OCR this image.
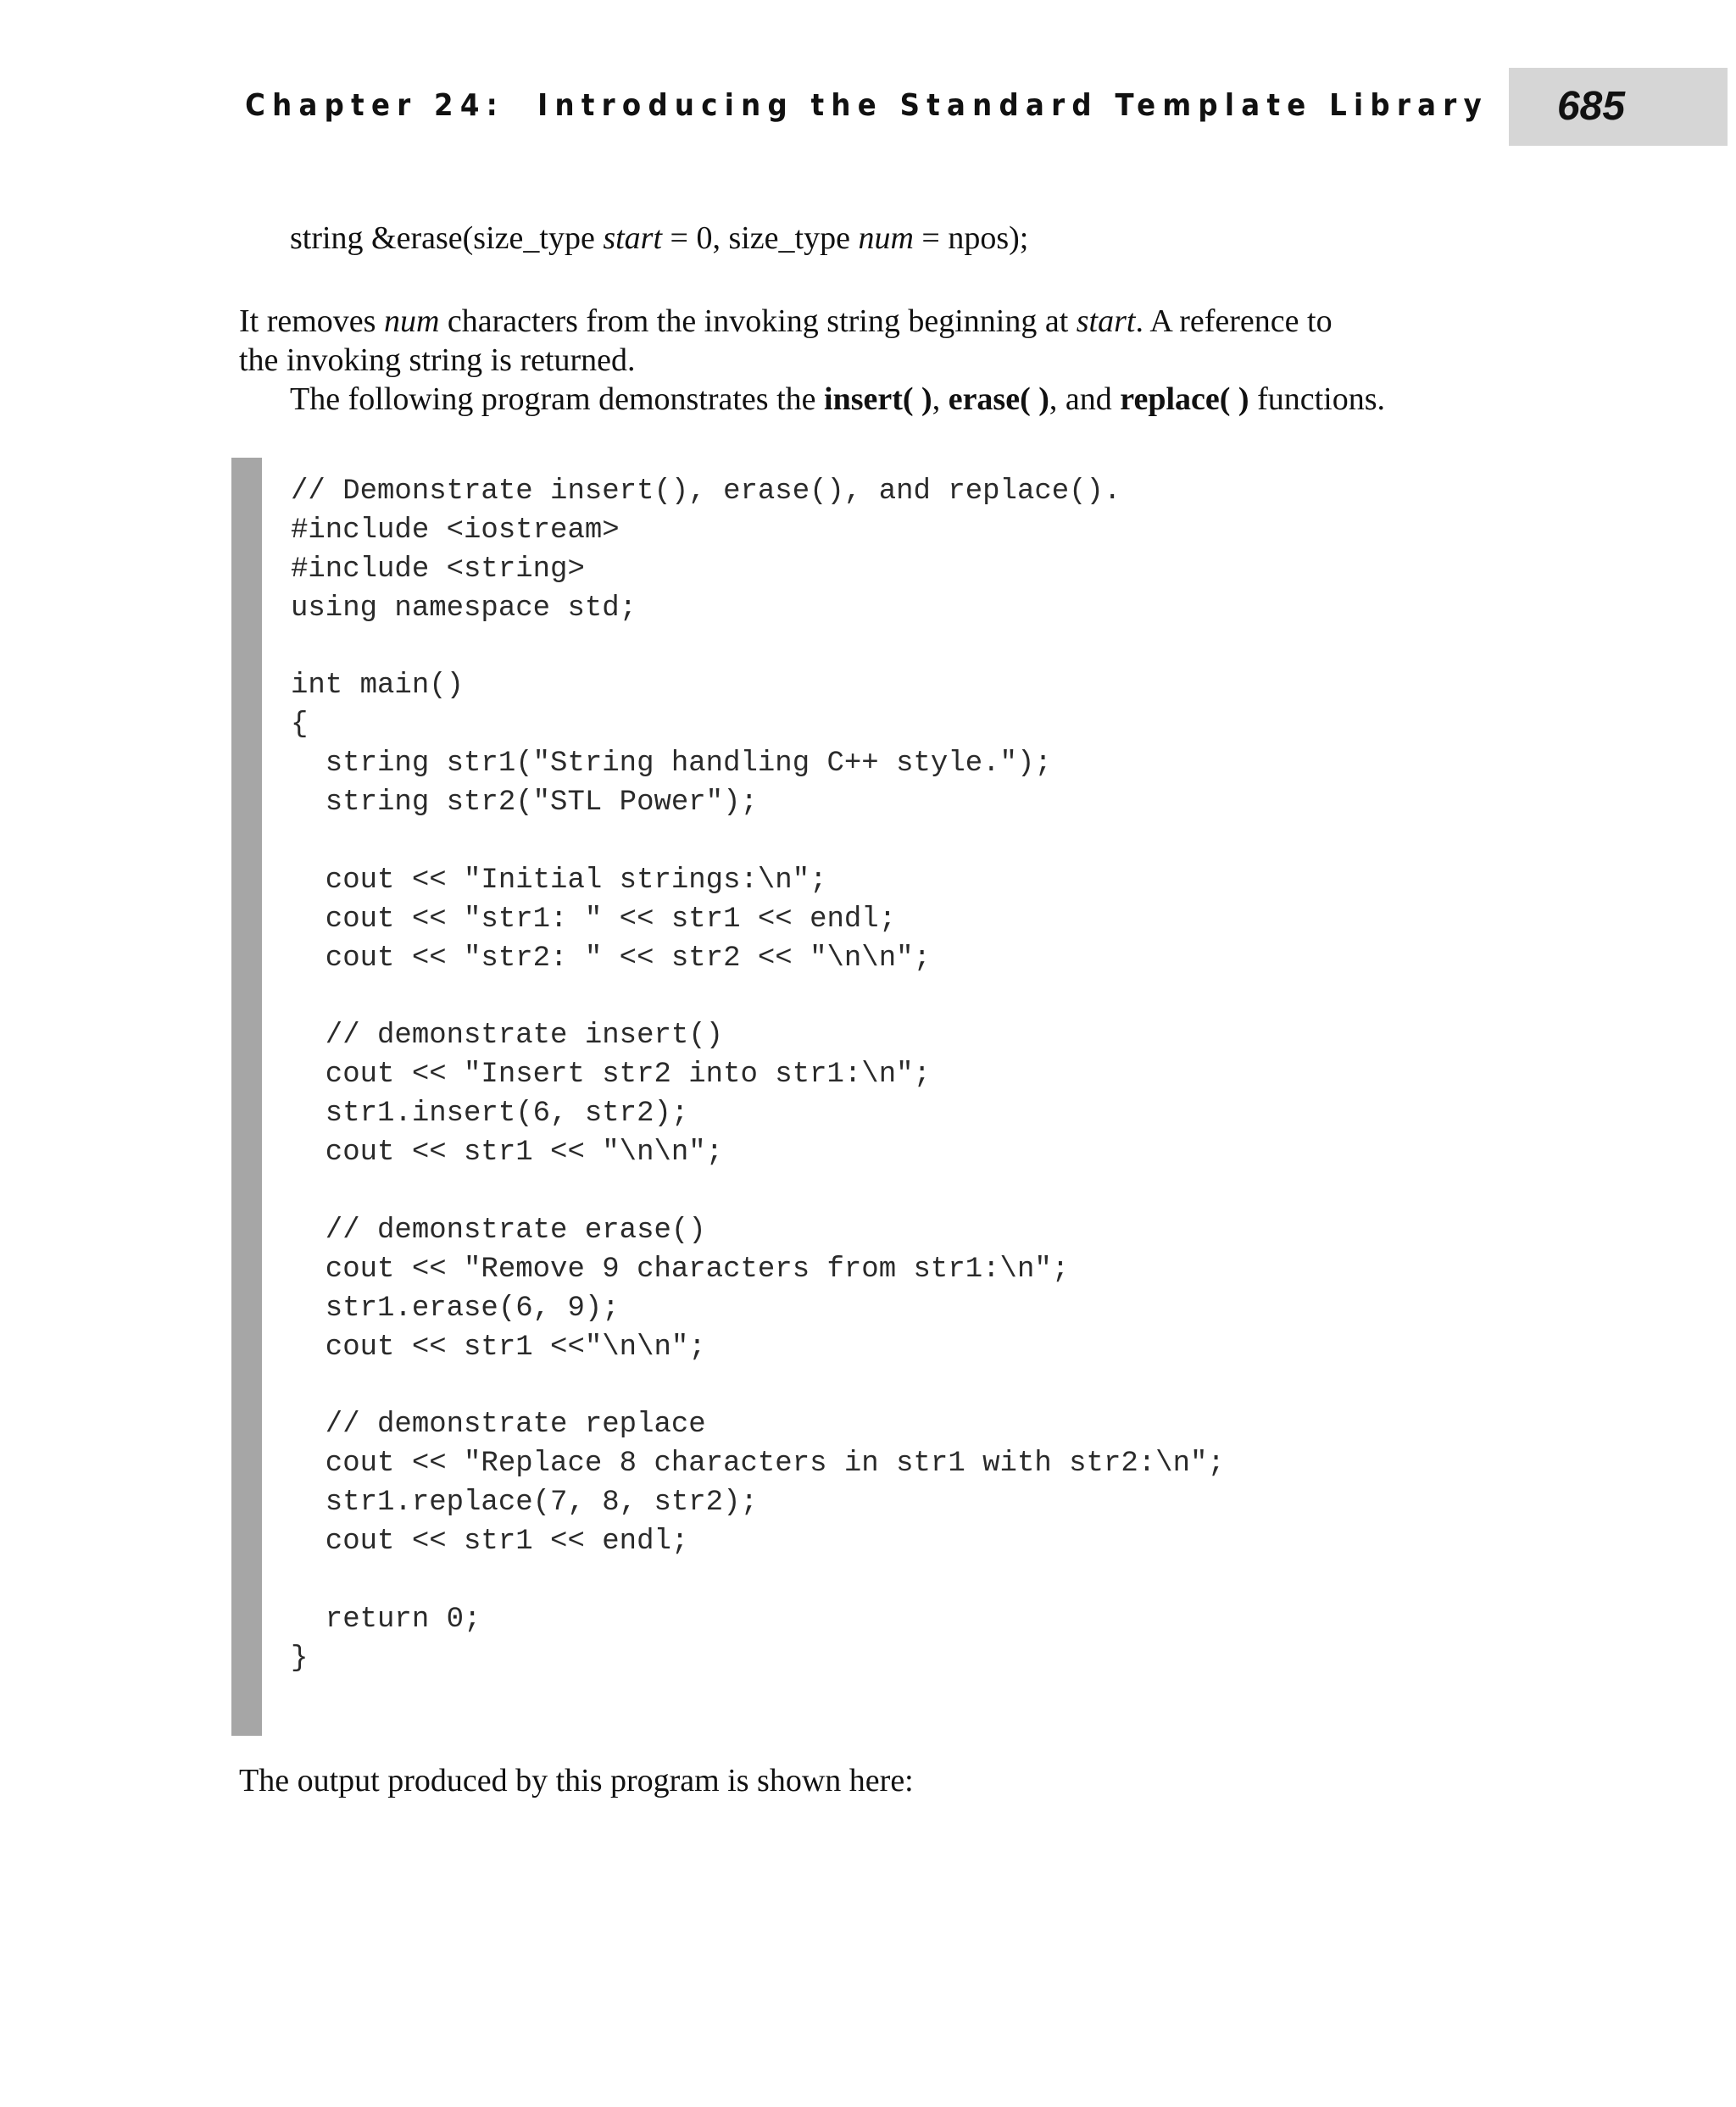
Chapter 24:  Introducing the Standard Template Library	685
string &erase(size_type start = 0, size_type num = npos);
It removes num characters from the invoking string beginning at start. A reference to
the invoking string is returned.
The following program demonstrates the insert( ), erase( ), and replace( ) functions.
// Demonstrate insert(), erase(), and replace().
#include <iostream>
#include <string>
using namespace std;
int main()
{
string str1("String handling C++ style.");
string str2("STL Power");
cout << "Initial strings:\n";
cout << "str1: " << str1 << endl;
cout << "str2: " << str2 << "\n\n";
// demonstrate insert()
cout << "Insert str2 into str1:\n";
str1.insert(6, str2);
cout << str1 << "\n\n";
// demonstrate erase()
cout << "Remove 9 characters from str1:\n";
str1.erase(6, 9);
cout << str1 <<"\n\n";
// demonstrate replace
cout << "Replace 8 characters in str1 with str2:\n";
str1.replace(7, 8, str2);
cout << str1 << endl;
return 0;
}
The output produced by this program is shown here:
